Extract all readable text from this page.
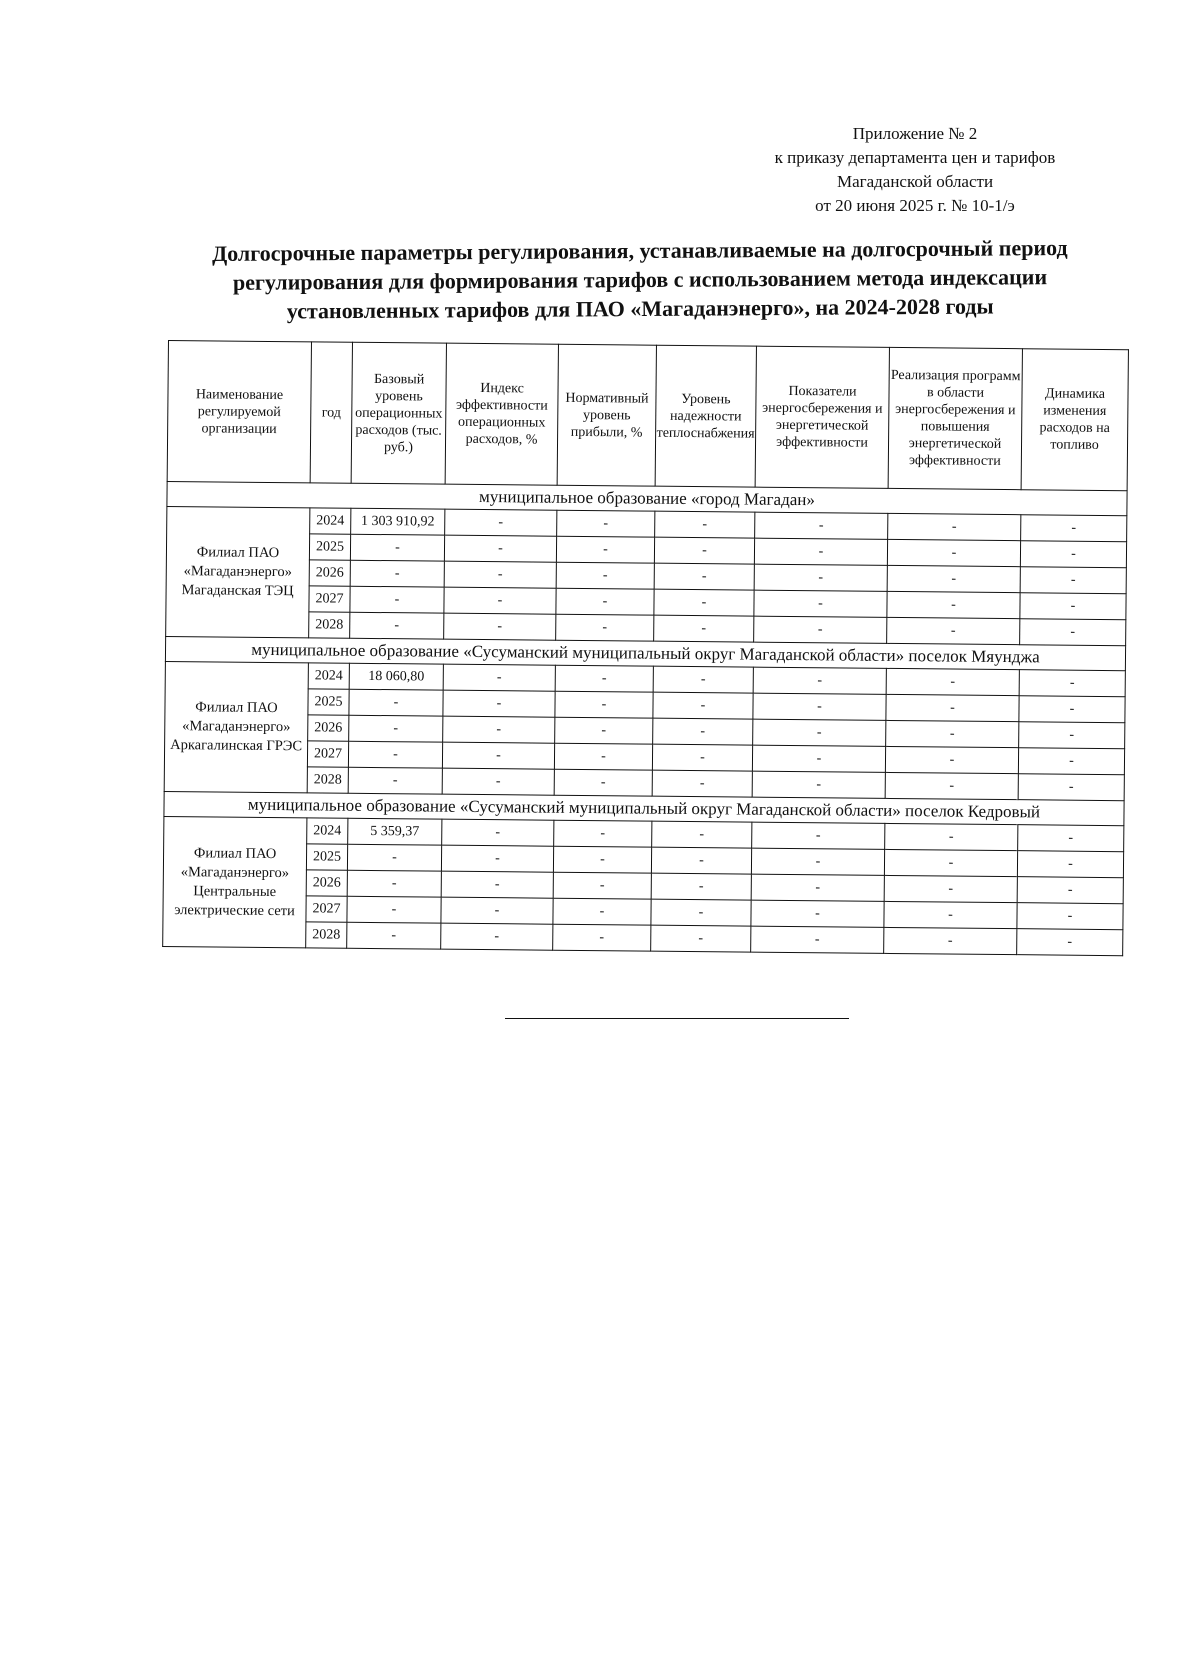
Приложение № 2
к приказу департамента цен и тарифов
Магаданской области
от 20 июня 2025 г. № 10-1/э
Долгосрочные параметры регулирования, устанавливаемые на долгосрочный период
регулирования для формирования тарифов с использованием метода индексации
установленных тарифов для ПАО «Магаданэнерго», на 2024-2028 годы
Наименование регулируемой организации	год	Базовый уровень операционных расходов (тыс. руб.)	Индекс эффективности операционных расходов, %	Нормативный уровень прибыли, %	Уровень надежности теплоснабжения	Показатели энергосбережения и энергетической эффективности	Реализация программ в области энергосбережения и повышения энергетической эффективности	Динамика изменения расходов на топливо
муниципальное образование «город Магадан»								
Филиал ПАО «Магаданэнерго» Магаданская ТЭЦ	2024	1 303 910,92	-	-	-	-	-	-
	2025	-	-	-	-	-	-	-
	2026	-	-	-	-	-	-	-
	2027	-	-	-	-	-	-	-
	2028	-	-	-	-	-	-	-
муниципальное образование «Сусуманский муниципальный округ Магаданской области» поселок Мяунджа								
Филиал ПАО «Магаданэнерго» Аркагалинская ГРЭС	2024	18 060,80	-	-	-	-	-	-
	2025	-	-	-	-	-	-	-
	2026	-	-	-	-	-	-	-
	2027	-	-	-	-	-	-	-
	2028	-	-	-	-	-	-	-
муниципальное образование «Сусуманский муниципальный округ Магаданской области» поселок Кедровый								
Филиал ПАО «Магаданэнерго» Центральные электрические сети	2024	5 359,37	-	-	-	-	-	-
	2025	-	-	-	-	-	-	-
	2026	-	-	-	-	-	-	-
	2027	-	-	-	-	-	-	-
	2028	-	-	-	-	-	-	-
